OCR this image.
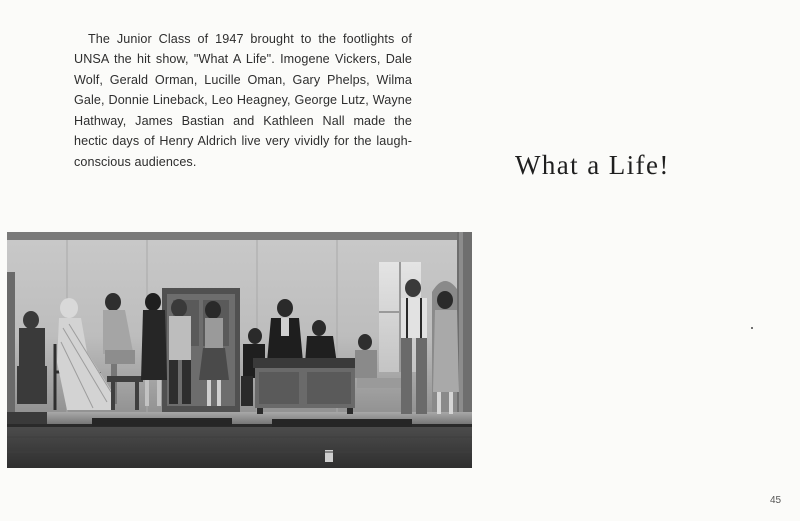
The Junior Class of 1947 brought to the footlights of UNSA the hit show, "What A Life". Imogene Vickers, Dale Wolf, Gerald Orman, Lucille Oman, Gary Phelps, Wilma Gale, Donnie Lineback, Leo Heagney, George Lutz, Wayne Hathway, James Bastian and Kathleen Nall made the hectic days of Henry Aldrich live very vividly for the laugh-conscious audiences.	What a Life!
45
